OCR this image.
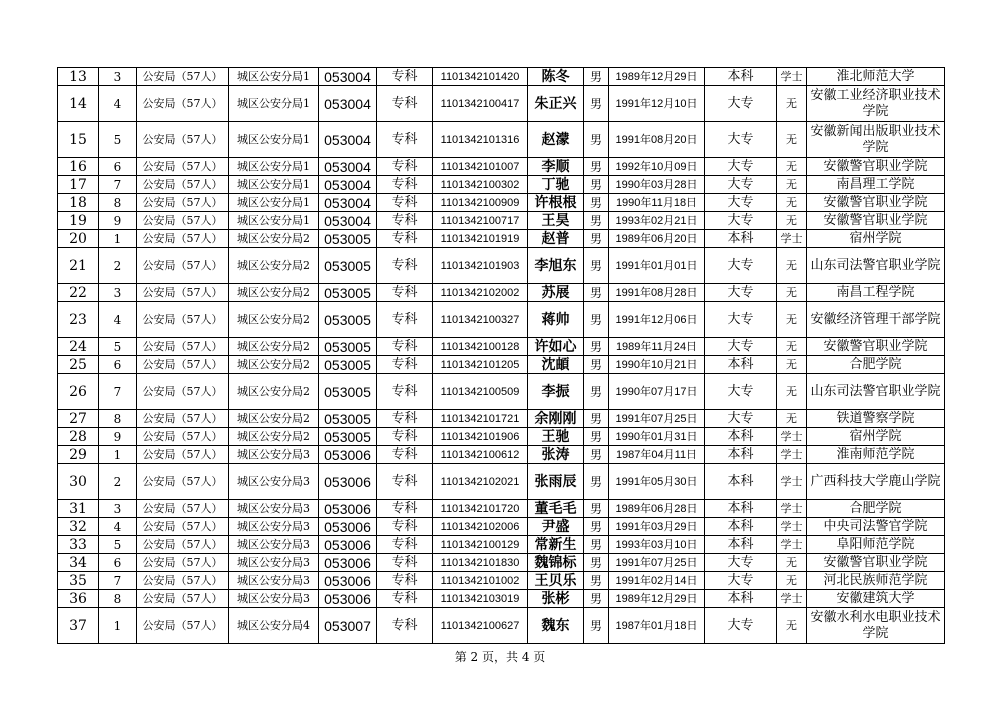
13	3	公安局（57人）	城区公安分局1	053004	专科	1101342101420	陈冬	男	1989年12月29日	本科	学士	淮北师范大学
14	4	公安局（57人）	城区公安分局1	053004	专科	1101342100417	朱正兴	男	1991年12月10日	大专	无	安徽工业经济职业技术学院
15	5	公安局（57人）	城区公安分局1	053004	专科	1101342101316	赵濛	男	1991年08月20日	大专	无	安徽新闻出版职业技术学院
16	6	公安局（57人）	城区公安分局1	053004	专科	1101342101007	李顺	男	1992年10月09日	大专	无	安徽警官职业学院
17	7	公安局（57人）	城区公安分局1	053004	专科	1101342100302	丁驰	男	1990年03月28日	大专	无	南昌理工学院
18	8	公安局（57人）	城区公安分局1	053004	专科	1101342100909	许根根	男	1990年11月18日	大专	无	安徽警官职业学院
19	9	公安局（57人）	城区公安分局1	053004	专科	1101342100717	王昊	男	1993年02月21日	大专	无	安徽警官职业学院
20	1	公安局（57人）	城区公安分局2	053005	专科	1101342101919	赵普	男	1989年06月20日	本科	学士	宿州学院
21	2	公安局（57人）	城区公安分局2	053005	专科	1101342101903	李旭东	男	1991年01月01日	大专	无	山东司法警官职业学院
22	3	公安局（57人）	城区公安分局2	053005	专科	1101342102002	苏展	男	1991年08月28日	大专	无	南昌工程学院
23	4	公安局（57人）	城区公安分局2	053005	专科	1101342100327	蒋帅	男	1991年12月06日	大专	无	安徽经济管理干部学院
24	5	公安局（57人）	城区公安分局2	053005	专科	1101342100128	许如心	男	1989年11月24日	大专	无	安徽警官职业学院
25	6	公安局（57人）	城区公安分局2	053005	专科	1101342101205	沈頔	男	1990年10月21日	本科	无	合肥学院
26	7	公安局（57人）	城区公安分局2	053005	专科	1101342100509	李振	男	1990年07月17日	大专	无	山东司法警官职业学院
27	8	公安局（57人）	城区公安分局2	053005	专科	1101342101721	余刚刚	男	1991年07月25日	大专	无	铁道警察学院
28	9	公安局（57人）	城区公安分局2	053005	专科	1101342101906	王驰	男	1990年01月31日	本科	学士	宿州学院
29	1	公安局（57人）	城区公安分局3	053006	专科	1101342100612	张涛	男	1987年04月11日	本科	学士	淮南师范学院
30	2	公安局（57人）	城区公安分局3	053006	专科	1101342102021	张雨辰	男	1991年05月30日	本科	学士	广西科技大学鹿山学院
31	3	公安局（57人）	城区公安分局3	053006	专科	1101342101720	董毛毛	男	1989年06月28日	本科	学士	合肥学院
32	4	公安局（57人）	城区公安分局3	053006	专科	1101342102006	尹盛	男	1991年03月29日	本科	学士	中央司法警官学院
33	5	公安局（57人）	城区公安分局3	053006	专科	1101342100129	常新生	男	1993年03月10日	本科	学士	阜阳师范学院
34	6	公安局（57人）	城区公安分局3	053006	专科	1101342101830	魏锦标	男	1991年07月25日	大专	无	安徽警官职业学院
35	7	公安局（57人）	城区公安分局3	053006	专科	1101342101002	王贝乐	男	1991年02月14日	大专	无	河北民族师范学院
36	8	公安局（57人）	城区公安分局3	053006	专科	1101342103019	张彬	男	1989年12月29日	本科	学士	安徽建筑大学
37	1	公安局（57人）	城区公安分局4	053007	专科	1101342100627	魏东	男	1987年01月18日	大专	无	安徽水利水电职业技术学院
第 2 页，共 4 页
